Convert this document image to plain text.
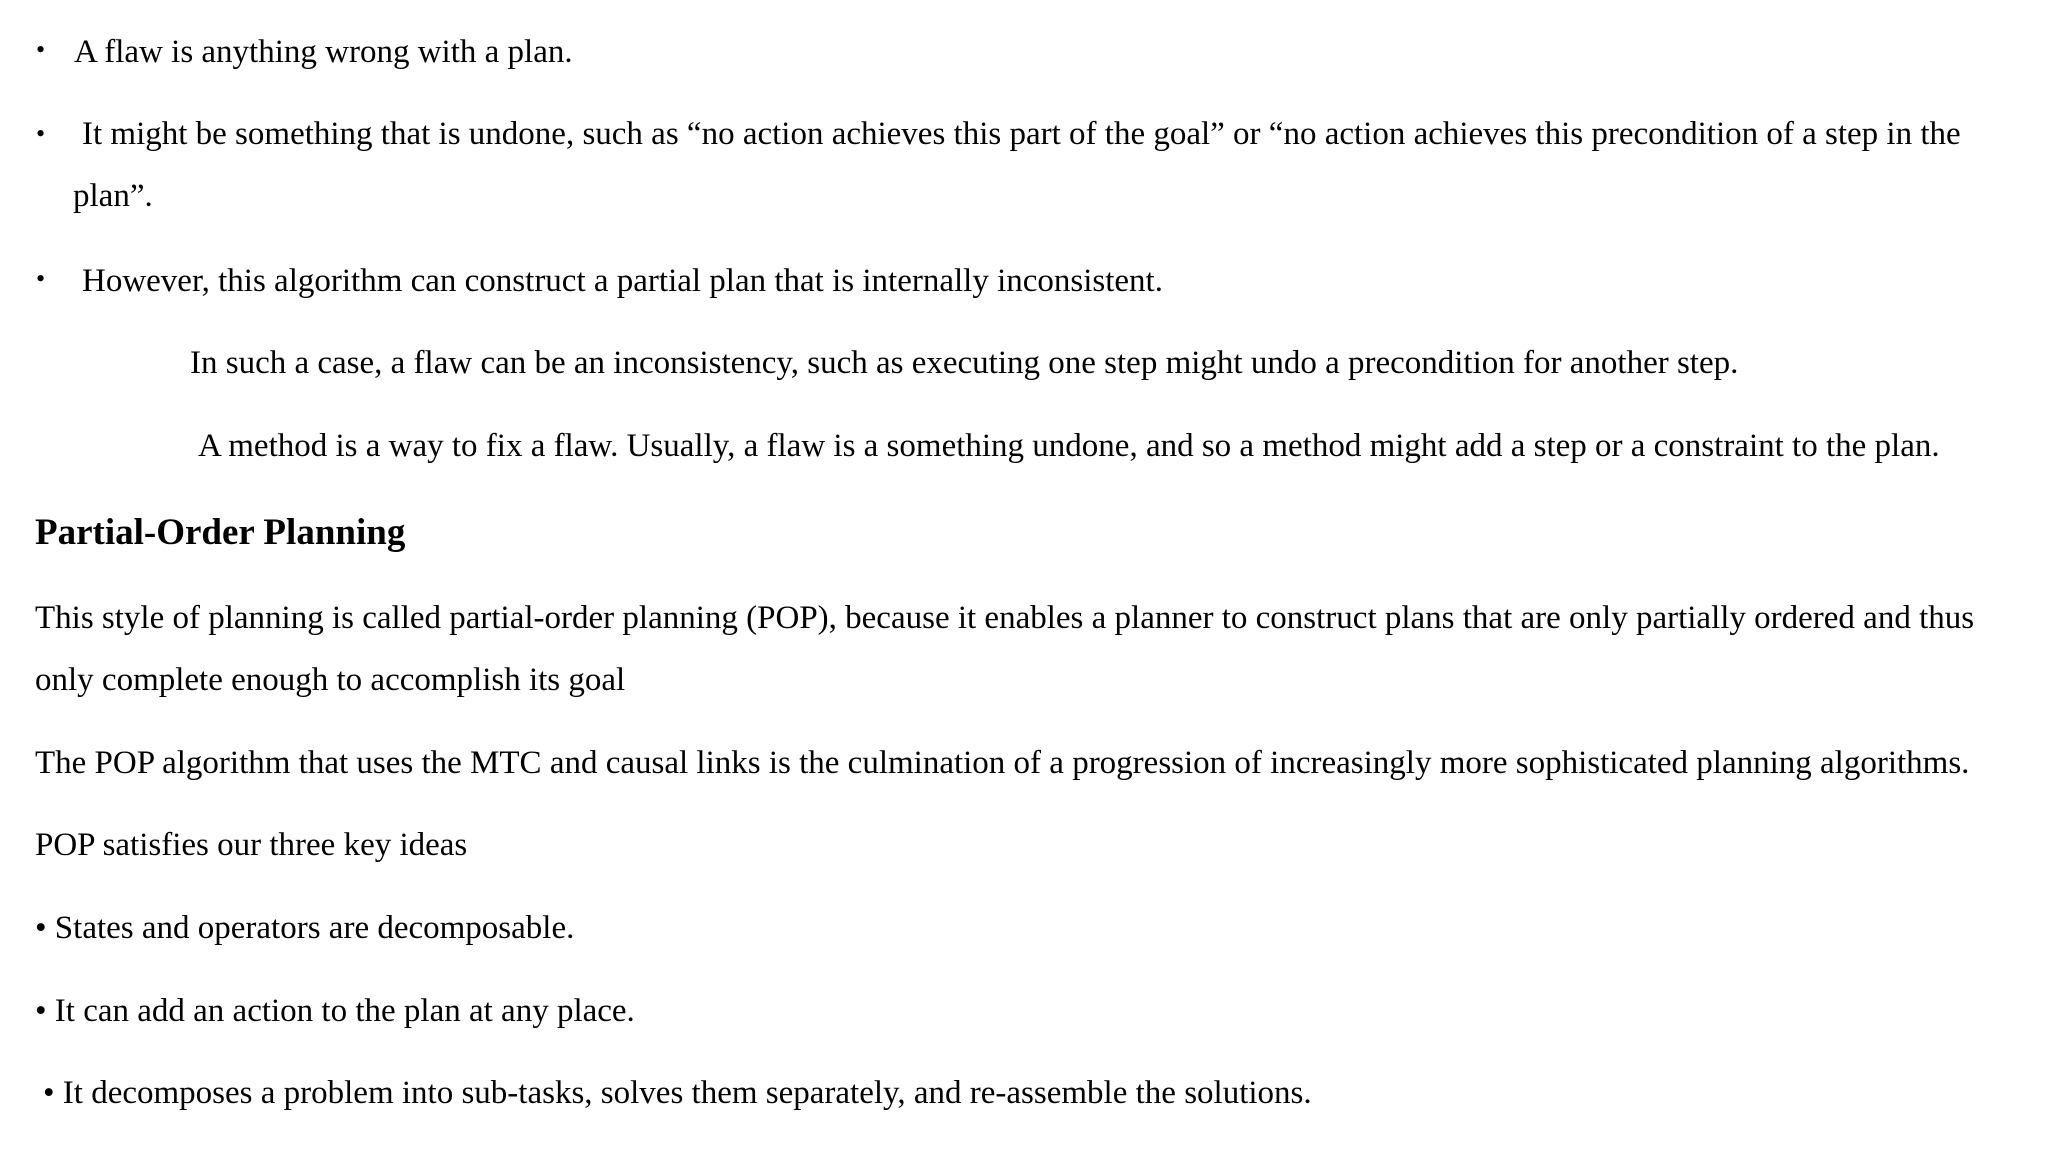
• A flaw is anything wrong with a plan.
• It might be something that is undone, such as “no action achieves this part of the goal” or “no action achieves this precondition of a step in the
plan”.
• However, this algorithm can construct a partial plan that is internally inconsistent.
In such a case, a flaw can be an inconsistency, such as executing one step might undo a precondition for another step.
A method is a way to fix a flaw. Usually, a flaw is a something undone, and so a method might add a step or a constraint to the plan.
Partial-Order Planning
This style of planning is called partial-order planning (POP), because it enables a planner to construct plans that are only partially ordered and thus
only complete enough to accomplish its goal
The POP algorithm that uses the MTC and causal links is the culmination of a progression of increasingly more sophisticated planning algorithms.
POP satisfies our three key ideas
• States and operators are decomposable.
• It can add an action to the plan at any place.
• It decomposes a problem into sub-tasks, solves them separately, and re-assemble the solutions.
